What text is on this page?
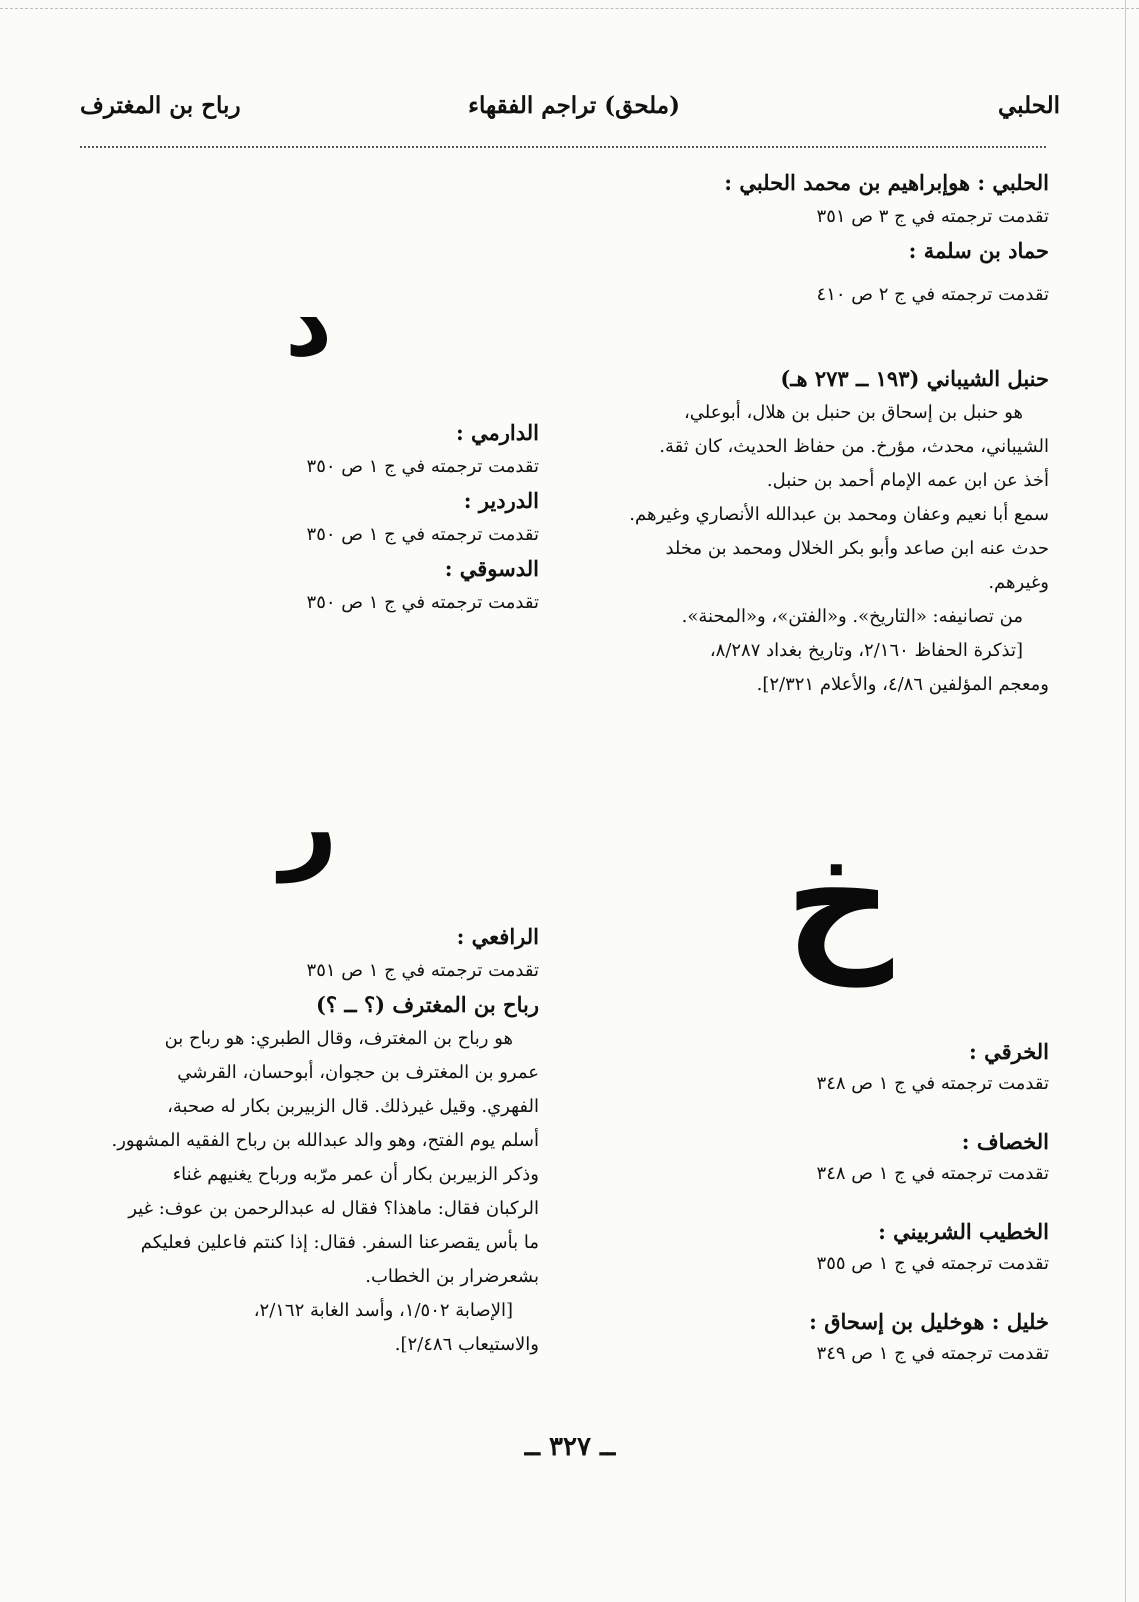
الحلبي
(ملحق) تراجم الفقهاء
رباح بن المغترف
الحلبي : هوإبراهيم بن محمد الحلبي :
تقدمت ترجمته في ج ٣ ص ٣٥١
حماد بن سلمة :
تقدمت ترجمته في ج ٢ ص ٤١٠
حنبل الشيباني (١٩٣ ــ ٢٧٣ هـ)

هو حنبل بن إسحاق بن حنبل بن هلال، أبوعلي،

الشيباني، محدث، مؤرخ. من حفاظ الحديث، كان ثقة.

أخذ عن ابن عمه الإمام أحمد بن حنبل.

سمع أبا نعيم وعفان ومحمد بن عبدالله الأنصاري وغيرهم.

حدث عنه ابن صاعد وأبو بكر الخلال ومحمد بن مخلد

وغيرهم.

من تصانيفه: «التاريخ». و«الفتن»، و«المحنة».

[تذكرة الحفاظ ٢/١٦٠، وتاريخ بغداد ٨/٢٨٧،

ومعجم المؤلفين ٤/٨٦، والأعلام ٢/٣٢١].

د
ر	خ
الدارمي :
تقدمت ترجمته في ج ١ ص ٣٥٠
الدردير :
تقدمت ترجمته في ج ١ ص ٣٥٠
الدسوقي :
تقدمت ترجمته في ج ١ ص ٣٥٠
الرافعي :
تقدمت ترجمته في ج ١ ص ٣٥١
رباح بن المغترف (؟ ــ ؟)

هو رباح بن المغترف، وقال الطبري: هو رباح بن

عمرو بن المغترف بن حجوان، أبوحسان، القرشي

الفهري. وقيل غيرذلك. قال الزبيربن بكار له صحبة،

أسلم يوم الفتح، وهو والد عبدالله بن رباح الفقيه المشهور.

وذكر الزبيربن بكار أن عمر مرّبه ورباح يغنيهم غناء

الركبان فقال: ماهذا؟ فقال له عبدالرحمن بن عوف: غير

ما بأس يقصرعنا السفر. فقال: إذا كنتم فاعلين فعليكم

بشعرضرار بن الخطاب.

[الإصابة ١/٥٠٢، وأسد الغابة ٢/١٦٢،

والاستيعاب ٢/٤٨٦].

الخرقي :
تقدمت ترجمته في ج ١ ص ٣٤٨
الخصاف :
تقدمت ترجمته في ج ١ ص ٣٤٨
الخطيب الشربيني :
تقدمت ترجمته في ج ١ ص ٣٥٥
خليل : هوخليل بن إسحاق :
تقدمت ترجمته في ج ١ ص ٣٤٩
ــ ٣٢٧ ــ
